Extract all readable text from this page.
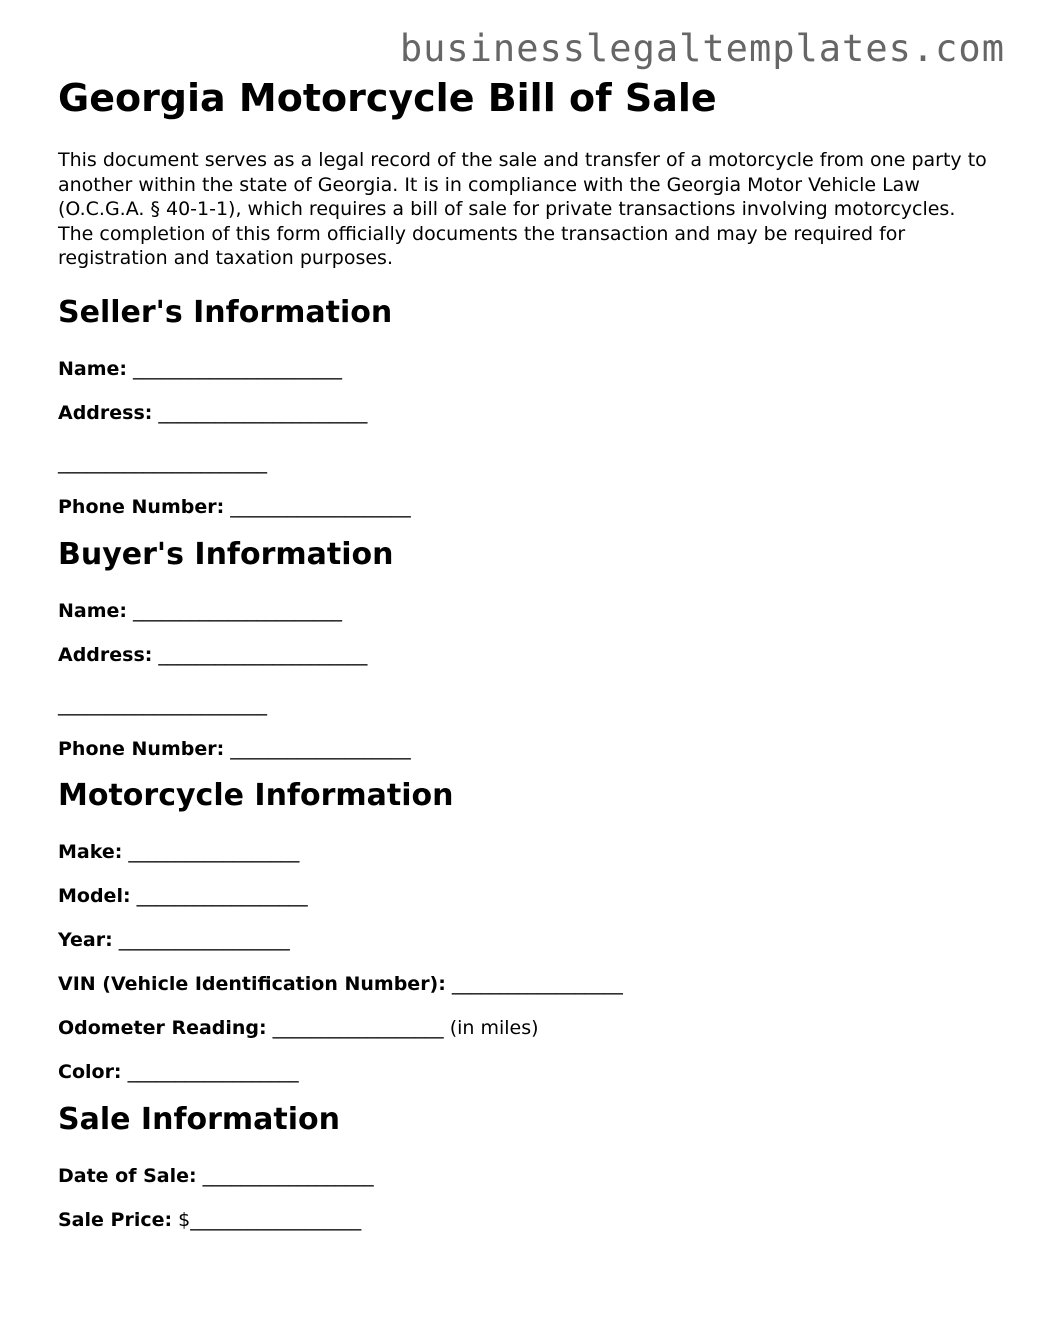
businesslegaltemplates.com
Georgia Motorcycle Bill of Sale

This document serves as a legal record of the sale and transfer of a motorcycle from one party to another within the state of Georgia. It is in compliance with the Georgia Motor Vehicle Law (O.C.G.A. § 40-1-1), which requires a bill of sale for private transactions involving motorcycles. The completion of this form officially documents the transaction and may be required for registration and taxation purposes.

Seller's Information

Name: ______________________

Address: ______________________

______________________

Phone Number: ___________________

Buyer's Information

Name: ______________________

Address: ______________________

______________________

Phone Number: ___________________

Motorcycle Information

Make: __________________

Model: __________________

Year: __________________

VIN (Vehicle Identification Number): __________________

Odometer Reading: __________________ (in miles)

Color: __________________

Sale Information

Date of Sale: __________________

Sale Price: $__________________
